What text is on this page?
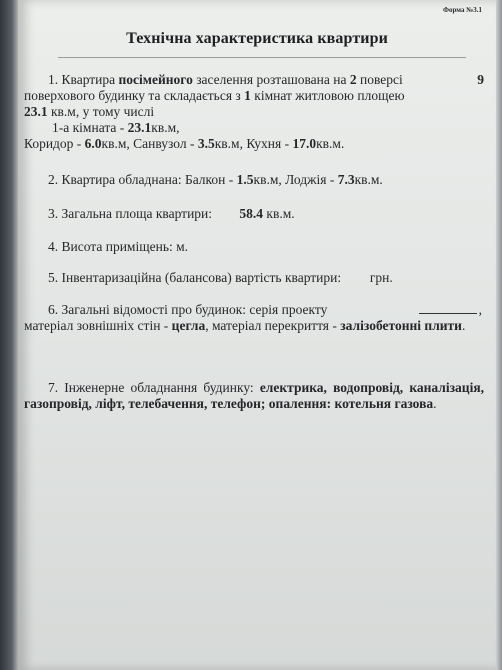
Форма №3.1
Технічна характеристика квартири
1. Квартира посімейного заселення розташована на 2 поверсі	9
поверхового будинку та складається з 1 кімнат житловою площею
23.1 кв.м, у тому числі
1-а кімната - 23.1кв.м,
Коридор - 6.0кв.м, Санвузол - 3.5кв.м, Кухня - 17.0кв.м.
2. Квартира обладнана: Балкон - 1.5кв.м, Лоджія - 7.3кв.м.
3. Загальна площа квартири: 58.4 кв.м.
4. Висота приміщень: м.
5. Інвентаризаційна (балансова) вартість квартири: грн.
6. Загальні відомості про будинок: серія проекту	,
матеріал зовнішніх стін - цегла, матеріал перекриття - залізобетонні плити.
7. Інженерне обладнання будинку: електрика, водопровід, каналізація, газопровід, ліфт, телебачення, телефон; опалення: котельня газова.
